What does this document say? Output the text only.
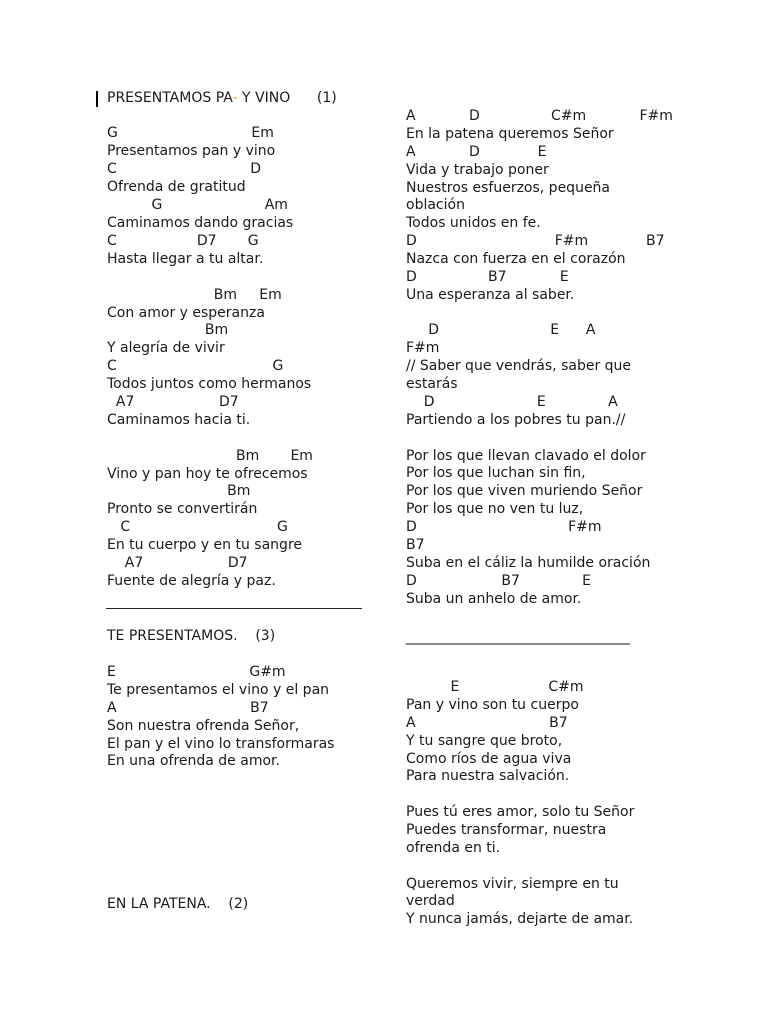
PRESENTAMOS PA- Y VINO      (1)
G                              Em
Presentamos pan y vino
C                              D
Ofrenda de gratitud
G                       Am
Caminamos dando gracias
C                  D7       G
Hasta llegar a tu altar.
Bm     Em
Con amor y esperanza
Bm
Y alegría de vivir
C                                   G
Todos juntos como hermanos
A7                   D7
Caminamos hacia ti.
Bm       Em
Vino y pan hoy te ofrecemos
Bm
Pronto se convertirán
C                                 G
En tu cuerpo y en tu sangre
A7                   D7
Fuente de alegría y paz.
TE PRESENTAMOS.    (3)
E                              G#m
Te presentamos el vino y el pan
A                              B7
Son nuestra ofrenda Señor,
El pan y el vino lo transformaras
En una ofrenda de amor.
EN LA PATENA.    (2)
A            D                C#m            F#m
En la patena queremos Señor
A            D             E
Vida y trabajo poner
Nuestros esfuerzos, pequeña
oblación
Todos unidos en fe.
D                               F#m             B7
Nazca con fuerza en el corazón
D                B7            E
Una esperanza al saber.
D                         E      A
F#m
// Saber que vendrás, saber que
estarás
D                       E              A
Partiendo a los pobres tu pan.//
Por los que llevan clavado el dolor
Por los que luchan sin fin,
Por los que viven muriendo Señor
Por los que no ven tu luz,
D                                  F#m
B7
Suba en el cáliz la humilde oración
D                   B7              E
Suba un anhelo de amor.
E                    C#m
Pan y vino son tu cuerpo
A                              B7
Y tu sangre que broto,
Como ríos de agua viva
Para nuestra salvación.
Pues tú eres amor, solo tu Señor
Puedes transformar, nuestra
ofrenda en ti.
Queremos vivir, siempre en tu
verdad
Y nunca jamás, dejarte de amar.
________________________________
